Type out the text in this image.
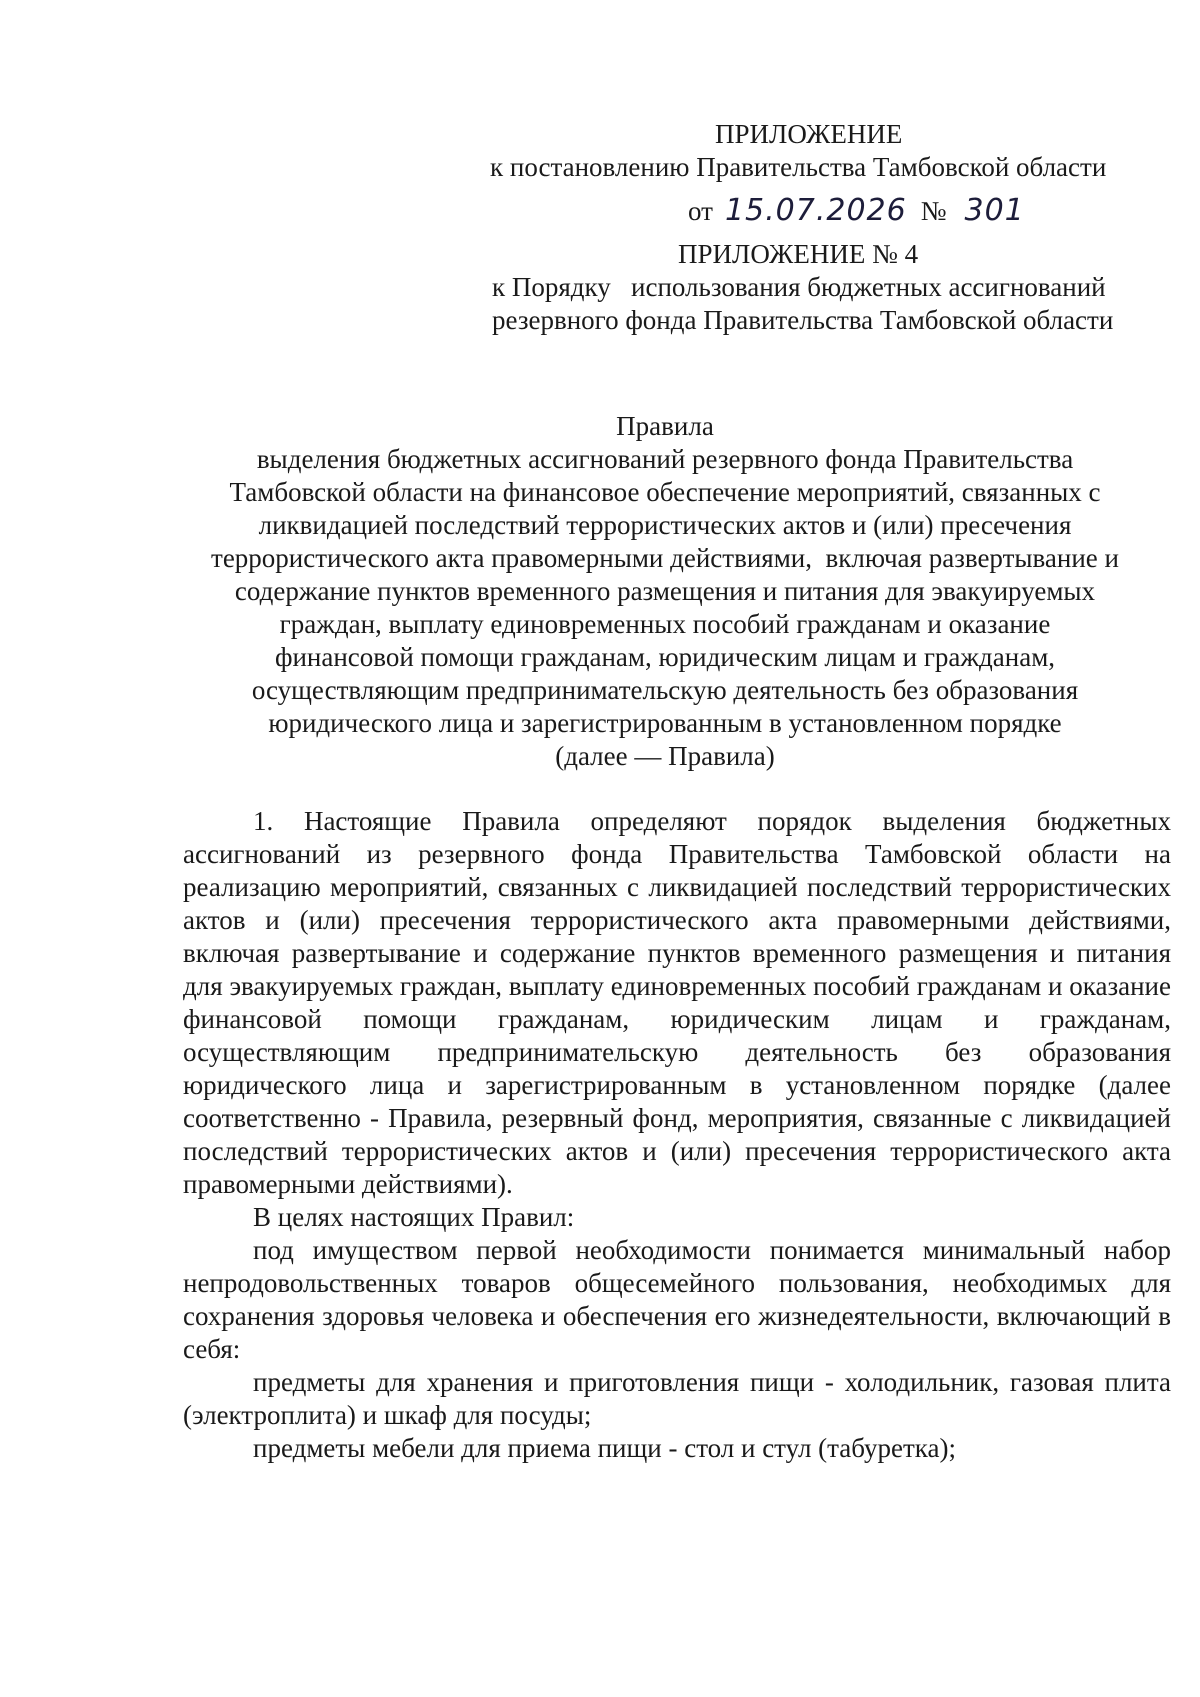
ПРИЛОЖЕНИЕ
к постановлению Правительства Тамбовской области
от 15.07.2026 № 301
ПРИЛОЖЕНИЕ № 4
к Порядку   использования бюджетных ассигнований
резервного фонда Правительства Тамбовской области
Правила
выделения бюджетных ассигнований резервного фонда Правительства
Тамбовской области на финансовое обеспечение мероприятий, связанных с
ликвидацией последствий террористических актов и (или) пресечения
террористического акта правомерными действиями,  включая развертывание и
содержание пунктов временного размещения и питания для эвакуируемых
граждан, выплату единовременных пособий гражданам и оказание
финансовой помощи гражданам, юридическим лицам и гражданам,
осуществляющим предпринимательскую деятельность без образования
юридического лица и зарегистрированным в установленном порядке
(далее — Правила)

1. Настоящие Правила определяют порядок выделения бюджетных ассигнований из резервного фонда Правительства Тамбовской области на реализацию мероприятий, связанных с ликвидацией последствий террористических актов и (или) пресечения террористического акта правомерными действиями, включая развертывание и содержание пунктов временного размещения и питания для эвакуируемых граждан, выплату единовременных пособий гражданам и оказание финансовой помощи гражданам, юридическим лицам и гражданам, осуществляющим предпринимательскую деятельность без образования юридического лица и зарегистрированным в установленном порядке (далее соответственно - Правила, резервный фонд, мероприятия, связанные с ликвидацией последствий террористических актов и (или) пресечения террористического акта правомерными действиями).

В целях настоящих Правил:

под имуществом первой необходимости понимается минимальный набор непродовольственных товаров общесемейного пользования, необходимых для сохранения здоровья человека и обеспечения его жизнедеятельности, включающий в себя:

предметы для хранения и приготовления пищи - холодильник, газовая плита (электроплита) и шкаф для посуды;

предметы мебели для приема пищи - стол и стул (табуретка);
